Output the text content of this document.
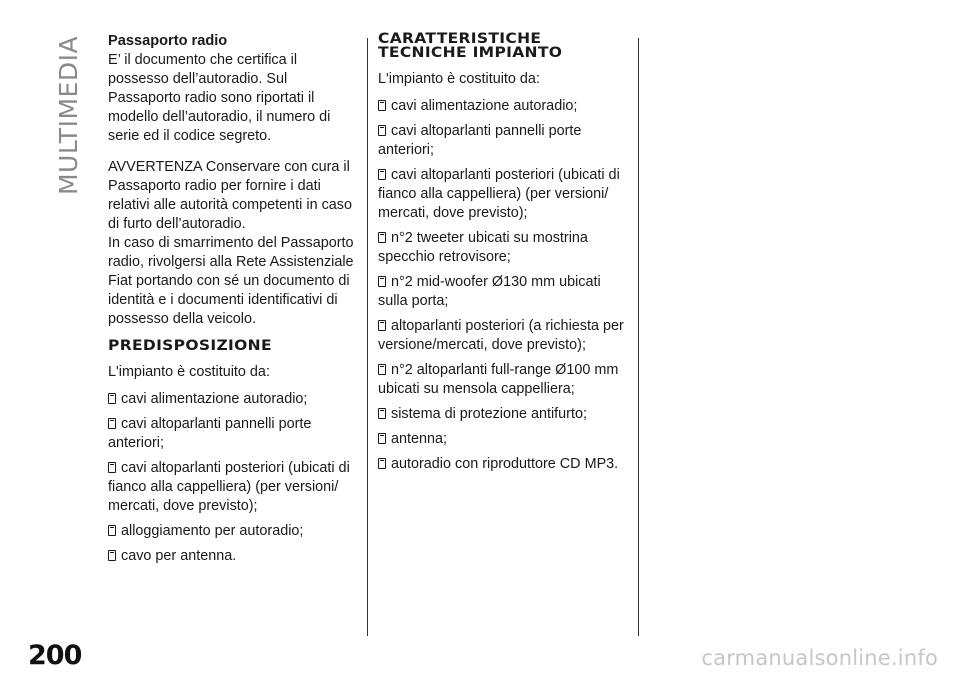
MULTIMEDIA Passaporto radio

E’ il documento che certifica il possesso dell’autoradio. Sul Passaporto radio sono riportati il modello dell’autoradio, il numero di serie ed il codice segreto.

AVVERTENZA Conservare con cura il Passaporto radio per fornire i dati relativi alle autorità competenti in caso di furto dell’autoradio.

In caso di smarrimento del Passaporto radio, rivolgersi alla Rete Assistenziale Fiat portando con sé un documento di identità e i documenti identificativi di possesso della veicolo.

PREDISPOSIZIONE

L'impianto è costituito da:

cavi alimentazione autoradio;

cavi altoparlanti pannelli porte anteriori;

cavi altoparlanti posteriori (ubicati di fianco alla cappelliera) (per versioni/ mercati, dove previsto);

alloggiamento per autoradio;

cavo per antenna.

CARATTERISTICHE

TECNICHE IMPIANTO

L'impianto è costituito da:

cavi alimentazione autoradio;

cavi altoparlanti pannelli porte anteriori;

cavi altoparlanti posteriori (ubicati di fianco alla cappelliera) (per versioni/ mercati, dove previsto);

n°2 tweeter ubicati su mostrina specchio retrovisore;

n°2 mid-woofer Ø130 mm ubicati sulla porta;

altoparlanti posteriori (a richiesta per versione/mercati, dove previsto);

n°2 altoparlanti full-range Ø100 mm ubicati su mensola cappelliera;

sistema di protezione antifurto;

antenna;

autoradio con riproduttore CD MP3.

200	carmanualsonline.info
